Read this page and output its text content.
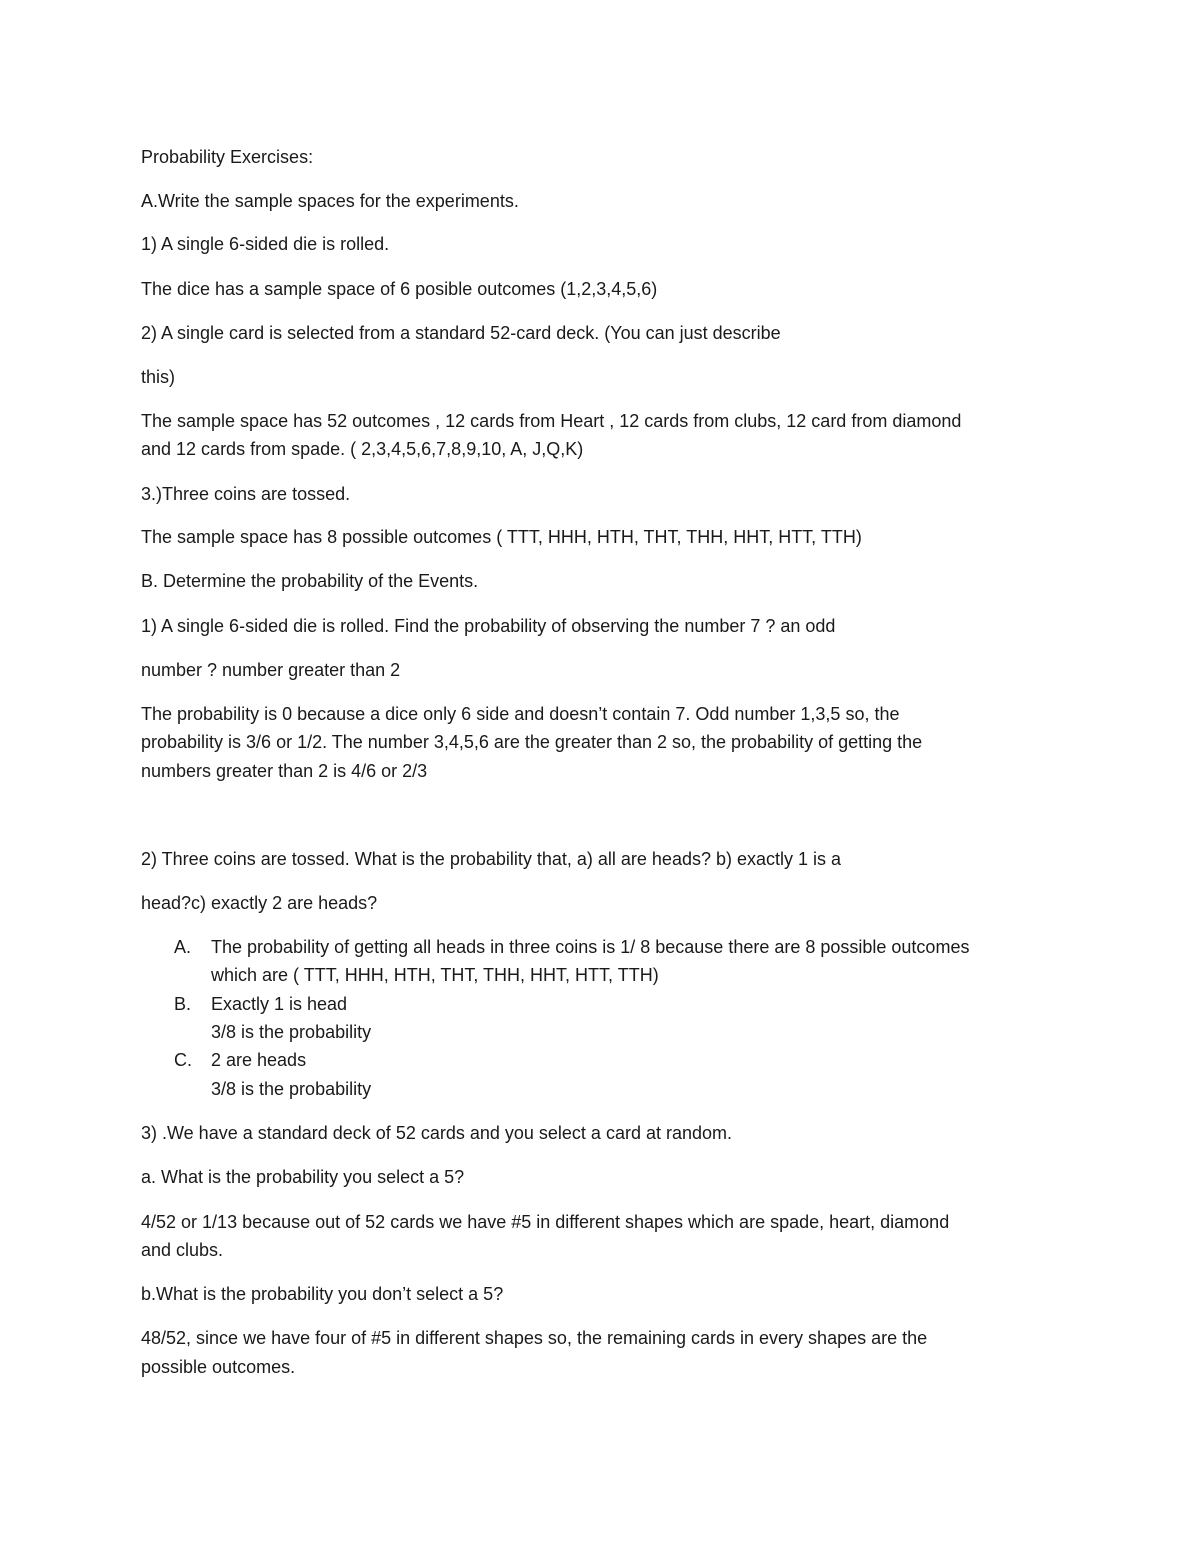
Probability Exercises:
A.Write the sample spaces for the experiments.
1) A single 6-sided die is rolled.
The dice has a sample space of 6 posible outcomes (1,2,3,4,5,6)
2) A single card is selected from a standard 52-card deck. (You can just describe
this)
The sample space has 52 outcomes , 12 cards from Heart , 12 cards from clubs, 12 card from diamond
and 12 cards from spade. ( 2,3,4,5,6,7,8,9,10, A, J,Q,K)
3.)Three coins are tossed.
The sample space has 8 possible outcomes ( TTT, HHH, HTH, THT, THH, HHT, HTT, TTH)
B. Determine the probability of the Events.
1) A single 6-sided die is rolled. Find the probability of observing the number 7 ? an odd
number ? number greater than 2
The probability is 0 because a dice only 6 side and doesn’t contain 7. Odd number 1,3,5 so, the
probability is 3/6 or 1/2. The number 3,4,5,6 are the greater than 2 so, the probability of getting the
numbers greater than 2 is 4/6 or 2/3
2) Three coins are tossed. What is the probability that, a) all are heads? b) exactly 1 is a
head?c) exactly 2 are heads?
A. The probability of getting all heads in three coins is 1/ 8 because there are 8 possible outcomes
which are ( TTT, HHH, HTH, THT, THH, HHT, HTT, TTH)
B. Exactly 1 is head
3/8 is the probability
C. 2 are heads
3/8 is the probability
3) .We have a standard deck of 52 cards and you select a card at random.
a. What is the probability you select a 5?
4/52 or 1/13 because out of 52 cards we have #5 in different shapes which are spade, heart, diamond
and clubs.
b.What is the probability you don’t select a 5?
48/52, since we have four of #5 in different shapes so, the remaining cards in every shapes are the
possible outcomes.
